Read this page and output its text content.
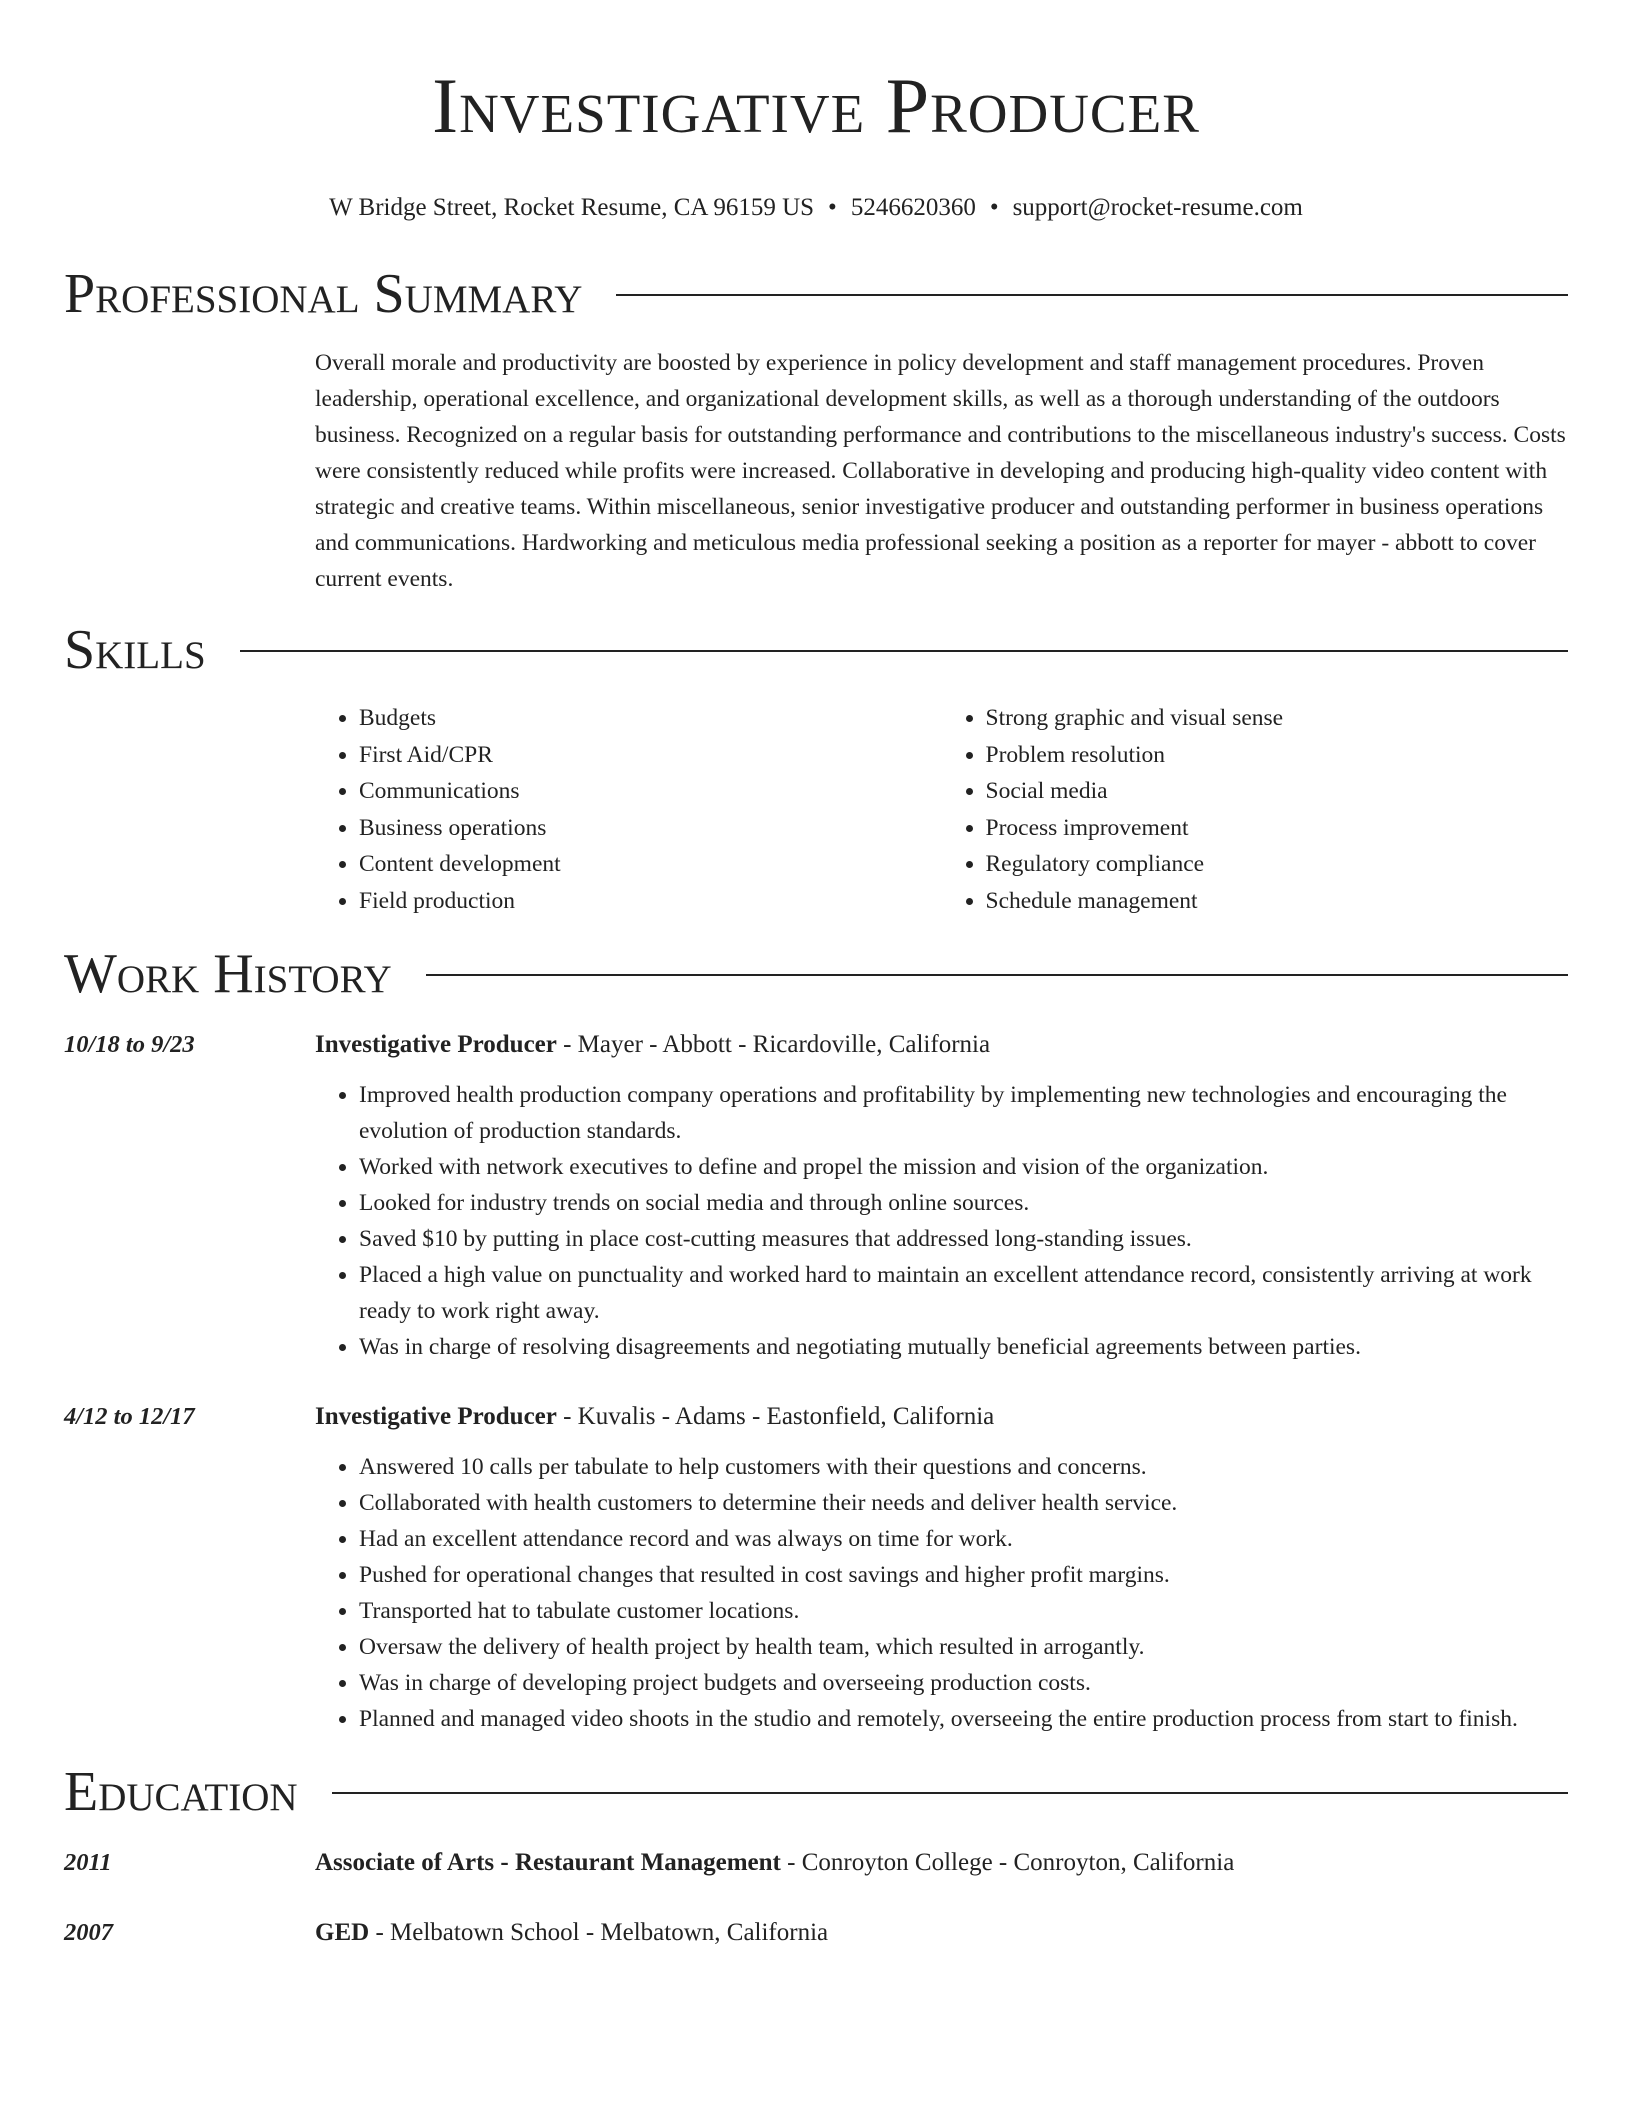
Investigative Producer
W Bridge Street, Rocket Resume, CA 96159 US • 5246620360 • support@rocket-resume.com
Professional Summary

Overall morale and productivity are boosted by experience in policy development and staff management procedures. Proven leadership, operational excellence, and organizational development skills, as well as a thorough understanding of the outdoors business. Recognized on a regular basis for outstanding performance and contributions to the miscellaneous industry's success. Costs were consistently reduced while profits were increased. Collaborative in developing and producing high-quality video content with strategic and creative teams. Within miscellaneous, senior investigative producer and outstanding performer in business operations and communications. Hardworking and meticulous media professional seeking a position as a reporter for mayer - abbott to cover current events.

Skills
• Budgets
• First Aid/CPR
• Communications
• Business operations
• Content development
• Field production
• Strong graphic and visual sense
• Problem resolution
• Social media
• Process improvement
• Regulatory compliance
• Schedule management
Work History
10/18 to 9/23	Investigative Producer - Mayer - Abbott - Ricardoville, California
• Improved health production company operations and profitability by implementing new technologies and encouraging the evolution of production standards.
• Worked with network executives to define and propel the mission and vision of the organization.
• Looked for industry trends on social media and through online sources.
• Saved $10 by putting in place cost-cutting measures that addressed long-standing issues.
• Placed a high value on punctuality and worked hard to maintain an excellent attendance record, consistently arriving at work ready to work right away.
• Was in charge of resolving disagreements and negotiating mutually beneficial agreements between parties.
4/12 to 12/17	Investigative Producer - Kuvalis - Adams - Eastonfield, California
• Answered 10 calls per tabulate to help customers with their questions and concerns.
• Collaborated with health customers to determine their needs and deliver health service.
• Had an excellent attendance record and was always on time for work.
• Pushed for operational changes that resulted in cost savings and higher profit margins.
• Transported hat to tabulate customer locations.
• Oversaw the delivery of health project by health team, which resulted in arrogantly.
• Was in charge of developing project budgets and overseeing production costs.
• Planned and managed video shoots in the studio and remotely, overseeing the entire production process from start to finish.
Education
2011	Associate of Arts - Restaurant Management - Conroyton College - Conroyton, California
2007	GED - Melbatown School - Melbatown, California
